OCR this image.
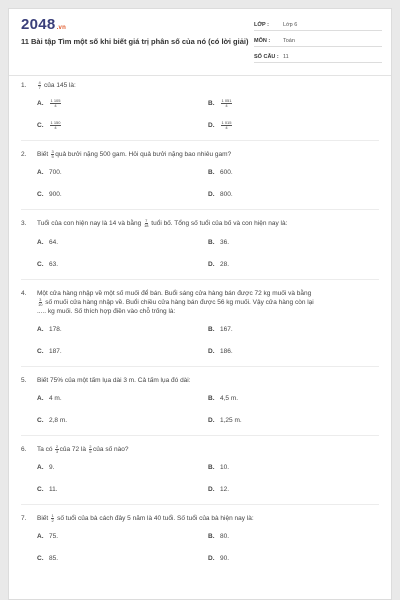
2048.vn
11 Bài tập Tìm một số khi biết giá trị phân số của nó (có lời giải)
LỚP :	Lớp 6
MÔN :	Toán
SỐ CÂU : 11
1.	$\frac{4}{7}$ của 145 là:
A.	$\frac{1 105}{4}$	B.	$\frac{1 051}{4}$
C.	$\frac{1 150}{4}$	D.	$\frac{1 015}{4}$
2.	Biết $\frac{3}{5}$ quả bưởi nặng 500 gam. Hỏi quả bưởi nặng bao nhiêu gam?
A. 700.	B. 600.
C. 900.	D. 800.
3.	Tuổi của con hiện nay là 14 và bằng $\frac{7}{18}$ tuổi bố. Tổng số tuổi của bố và con hiện nay là:
A. 64.	B. 36.
C. 63.	D. 28.
4.	Một cửa hàng nhập về một số muối để bán. Buổi sáng cửa hàng bán được 72 kg muối và bằng

$\frac{3}{10}$ số muối cửa hàng nhập về. Buổi chiều cửa hàng bán được 56 kg muối. Vậy cửa hàng còn lại
..... kg muối. Số thích hợp điền vào chỗ trống là:
A. 178.	B. 167.
C. 187.	D. 186.
5.	Biết 75% của một tấm lụa dài 3 m. Cả tấm lụa đó dài:
A. 4 m.	B. 4,5 m.
C. 2,8 m.	D. 1,25 m.
6.	Ta có $\frac{2}{3}$ của 72 là $\frac{2}{5}$ của số nào?
A. 9.	B. 10.
C. 11.	D. 12.
7.	Biết $\frac{1}{2}$ số tuổi của bà cách đây 5 năm là 40 tuổi. Số tuổi của bà hiện nay là:
A. 75.	B. 80.
C. 85.	D. 90.
